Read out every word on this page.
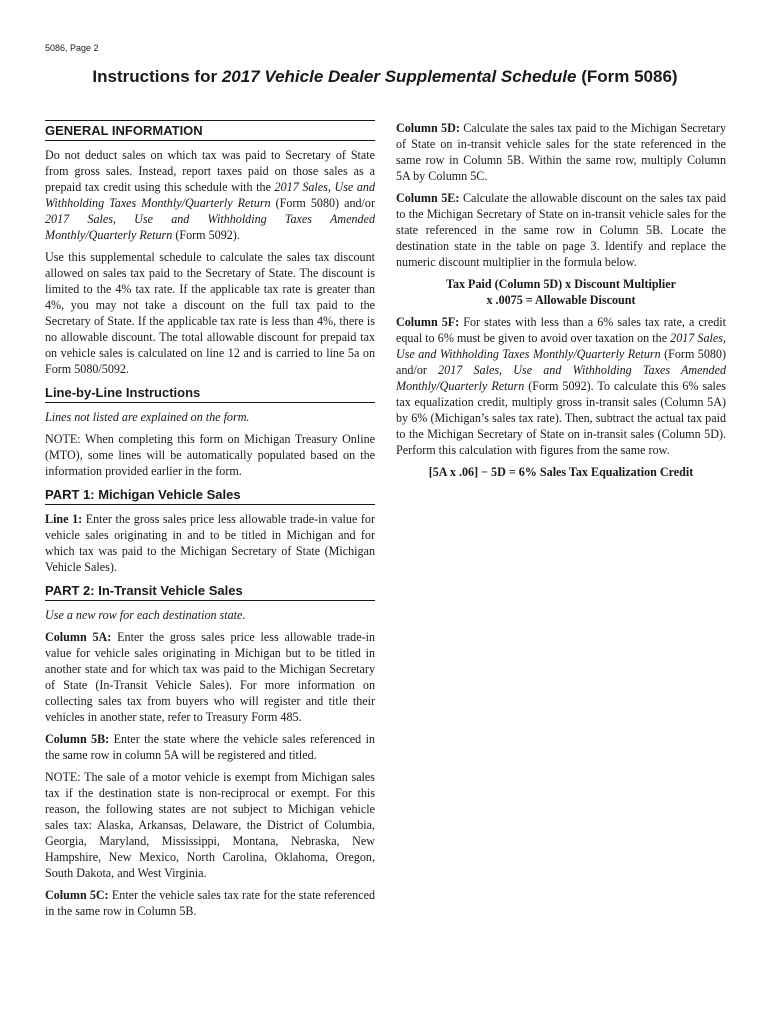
5086, Page 2
Instructions for 2017 Vehicle Dealer Supplemental Schedule (Form 5086)
GENERAL INFORMATION

Do not deduct sales on which tax was paid to Secretary of State from gross sales. Instead, report taxes paid on those sales as a prepaid tax credit using this schedule with the 2017 Sales, Use and Withholding Taxes Monthly/Quarterly Return (Form 5080) and/or 2017 Sales, Use and Withholding Taxes Amended Monthly/Quarterly Return (Form 5092).

Use this supplemental schedule to calculate the sales tax discount allowed on sales tax paid to the Secretary of State. The discount is limited to the 4% tax rate. If the applicable tax rate is greater than 4%, you may not take a discount on the full tax paid to the Secretary of State. If the applicable tax rate is less than 4%, there is no allowable discount. The total allowable discount for prepaid tax on vehicle sales is calculated on line 12 and is carried to line 5a on Form 5080/5092.

Line-by-Line Instructions

Lines not listed are explained on the form.

NOTE: When completing this form on Michigan Treasury Online (MTO), some lines will be automatically populated based on the information provided earlier in the form.

PART 1: Michigan Vehicle Sales

Line 1: Enter the gross sales price less allowable trade-in value for vehicle sales originating in and to be titled in Michigan and for which tax was paid to the Michigan Secretary of State (Michigan Vehicle Sales).

PART 2: In-Transit Vehicle Sales

Use a new row for each destination state.

Column 5A: Enter the gross sales price less allowable trade-in value for vehicle sales originating in Michigan but to be titled in another state and for which tax was paid to the Michigan Secretary of State (In-Transit Vehicle Sales). For more information on collecting sales tax from buyers who will register and title their vehicles in another state, refer to Treasury Form 485.

Column 5B: Enter the state where the vehicle sales referenced in the same row in column 5A will be registered and titled.

NOTE: The sale of a motor vehicle is exempt from Michigan sales tax if the destination state is non-reciprocal or exempt. For this reason, the following states are not subject to Michigan vehicle sales tax: Alaska, Arkansas, Delaware, the District of Columbia, Georgia, Maryland, Mississippi, Montana, Nebraska, New Hampshire, New Mexico, North Carolina, Oklahoma, Oregon, South Dakota, and West Virginia.

Column 5C: Enter the vehicle sales tax rate for the state referenced in the same row in Column 5B.

Column 5D: Calculate the sales tax paid to the Michigan Secretary of State on in-transit vehicle sales for the state referenced in the same row in Column 5B. Within the same row, multiply Column 5A by Column 5C.

Column 5E: Calculate the allowable discount on the sales tax paid to the Michigan Secretary of State on in-transit vehicle sales for the state referenced in the same row in Column 5B. Locate the destination state in the table on page 3. Identify and replace the numeric discount multiplier in the formula below.

Tax Paid (Column 5D) x Discount Multiplier
x .0075 = Allowable Discount

Column 5F: For states with less than a 6% sales tax rate, a credit equal to 6% must be given to avoid over taxation on the 2017 Sales, Use and Withholding Taxes Monthly/Quarterly Return (Form 5080) and/or 2017 Sales, Use and Withholding Taxes Amended Monthly/Quarterly Return (Form 5092). To calculate this 6% sales tax equalization credit, multiply gross in-transit sales (Column 5A) by 6% (Michigan’s sales tax rate). Then, subtract the actual tax paid to the Michigan Secretary of State on in-transit sales (Column 5D). Perform this calculation with figures from the same row.

[5A x .06] − 5D = 6% Sales Tax Equalization Credit
